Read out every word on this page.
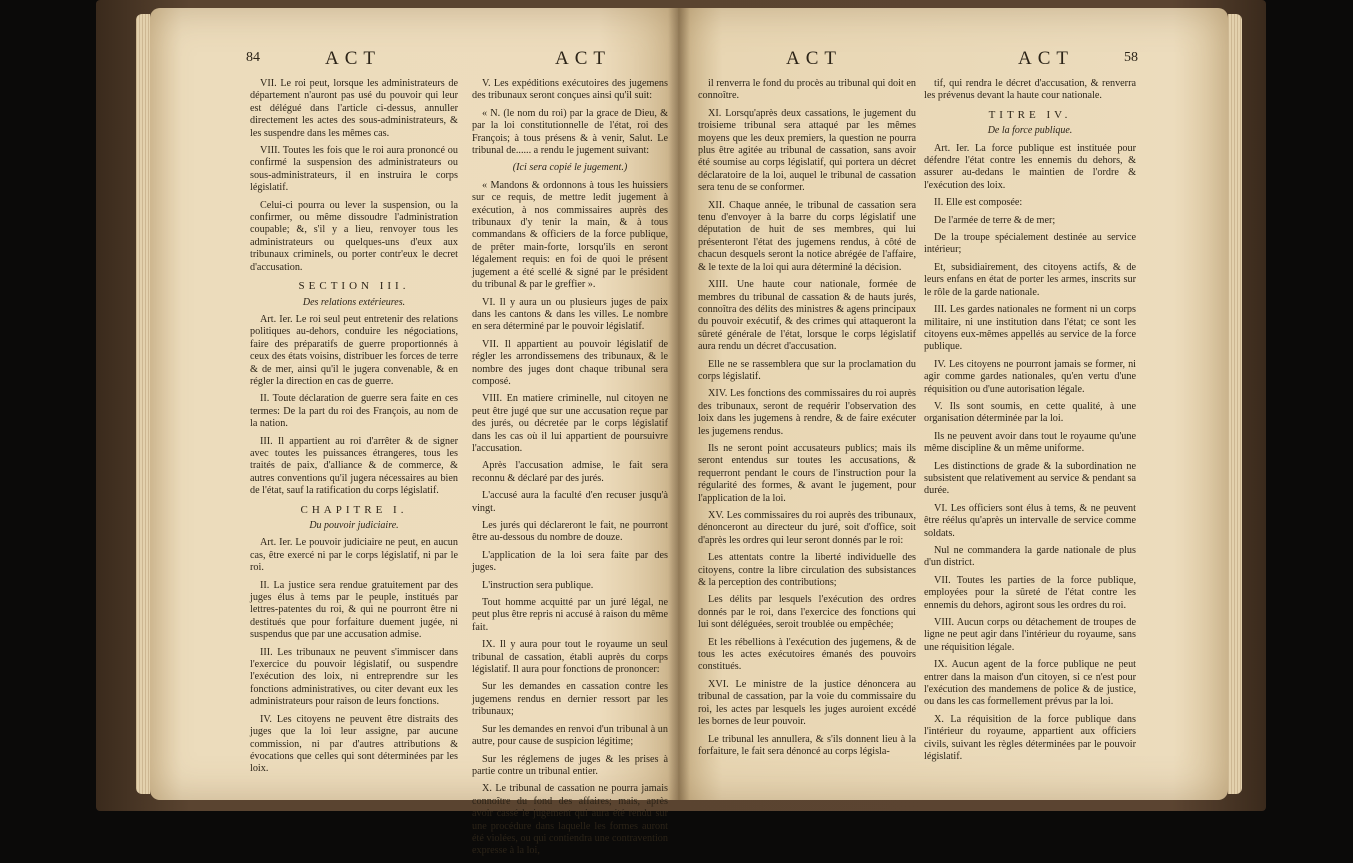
84	ACT	ACT

VII. Le roi peut, lorsque les administrateurs de département n'auront pas usé du pouvoir qui leur est délégué dans l'article ci-dessus, annuller directement les actes des sous-administrateurs, & les suspendre dans les mêmes cas.

VIII. Toutes les fois que le roi aura prononcé ou confirmé la suspension des administrateurs ou sous-administrateurs, il en instruira le corps législatif.

Celui-ci pourra ou lever la suspension, ou la confirmer, ou même dissoudre l'administration coupable; &, s'il y a lieu, renvoyer tous les administrateurs ou quelques-uns d'eux aux tribunaux criminels, ou porter contr'eux le decret d'accusation.

SECTION III.
Des relations extérieures.

Art. Ier. Le roi seul peut entretenir des relations politiques au-dehors, conduire les négociations, faire des préparatifs de guerre proportionnés à ceux des états voisins, distribuer les forces de terre & de mer, ainsi qu'il le jugera convenable, & en régler la direction en cas de guerre.

II. Toute déclaration de guerre sera faite en ces termes: De la part du roi des François, au nom de la nation.

III. Il appartient au roi d'arrêter & de signer avec toutes les puissances étrangeres, tous les traités de paix, d'alliance & de commerce, & autres conventions qu'il jugera nécessaires au bien de l'état, sauf la ratification du corps législatif.

CHAPITRE I.
Du pouvoir judiciaire.

Art. Ier. Le pouvoir judiciaire ne peut, en aucun cas, être exercé ni par le corps législatif, ni par le roi.

II. La justice sera rendue gratuitement par des juges élus à tems par le peuple, institués par lettres-patentes du roi, & qui ne pourront être ni destitués que pour forfaiture duement jugée, ni suspendus que par une accusation admise.

III. Les tribunaux ne peuvent s'immiscer dans l'exercice du pouvoir législatif, ou suspendre l'exécution des loix, ni entreprendre sur les fonctions administratives, ou citer devant eux les administrateurs pour raison de leurs fonctions.

IV. Les citoyens ne peuvent être distraits des juges que la loi leur assigne, par aucune commission, ni par d'autres attributions & évocations que celles qui sont déterminées par les loix.

V. Les expéditions exécutoires des jugemens des tribunaux seront conçues ainsi qu'il suit:

« N. (le nom du roi) par la grace de Dieu, & par la loi constitutionnelle de l'état, roi des François; à tous présens & à venir, Salut. Le tribunal de...... a rendu le jugement suivant:

(Ici sera copié le jugement.)

« Mandons & ordonnons à tous les huissiers sur ce requis, de mettre ledit jugement à exécution, à nos commissaires auprès des tribunaux d'y tenir la main, & à tous commandans & officiers de la force publique, de prêter main-forte, lorsqu'ils en seront légalement requis: en foi de quoi le présent jugement a été scellé & signé par le président du tribunal & par le greffier ».

VI. Il y aura un ou plusieurs juges de paix dans les cantons & dans les villes. Le nombre en sera déterminé par le pouvoir législatif.

VII. Il appartient au pouvoir législatif de régler les arrondissemens des tribunaux, & le nombre des juges dont chaque tribunal sera composé.

VIII. En matiere criminelle, nul citoyen ne peut être jugé que sur une accusation reçue par des jurés, ou décretée par le corps législatif dans les cas où il lui appartient de poursuivre l'accusation.

Après l'accusation admise, le fait sera reconnu & déclaré par des jurés.

L'accusé aura la faculté d'en recuser jusqu'à vingt.

Les jurés qui déclareront le fait, ne pourront être au-dessous du nombre de douze.

L'application de la loi sera faite par des juges.

L'instruction sera publique.

Tout homme acquitté par un juré légal, ne peut plus être repris ni accusé à raison du même fait.

IX. Il y aura pour tout le royaume un seul tribunal de cassation, établi auprès du corps législatif. Il aura pour fonctions de prononcer:

Sur les demandes en cassation contre les jugemens rendus en dernier ressort par les tribunaux;

Sur les demandes en renvoi d'un tribunal à un autre, pour cause de suspicion légitime;

Sur les réglemens de juges & les prises à partie contre un tribunal entier.

X. Le tribunal de cassation ne pourra jamais connoître du fond des affaires; mais, après avoir cassé le jugement qui aura été rendu sur une procédure dans laquelle les formes auront été violées, ou qui contiendra une contravention expresse à la loi,

ACT	ACT	58

il renverra le fond du procès au tribunal qui doit en connoître.

XI. Lorsqu'après deux cassations, le jugement du troisieme tribunal sera attaqué par les mêmes moyens que les deux premiers, la question ne pourra plus être agitée au tribunal de cassation, sans avoir été soumise au corps législatif, qui portera un décret déclaratoire de la loi, auquel le tribunal de cassation sera tenu de se conformer.

XII. Chaque année, le tribunal de cassation sera tenu d'envoyer à la barre du corps législatif une députation de huit de ses membres, qui lui présenteront l'état des jugemens rendus, à côté de chacun desquels seront la notice abrégée de l'affaire, & le texte de la loi qui aura déterminé la décision.

XIII. Une haute cour nationale, formée de membres du tribunal de cassation & de hauts jurés, connoîtra des délits des ministres & agens principaux du pouvoir exécutif, & des crimes qui attaqueront la sûreté générale de l'état, lorsque le corps législatif aura rendu un décret d'accusation.

Elle ne se rassemblera que sur la proclamation du corps législatif.

XIV. Les fonctions des commissaires du roi auprès des tribunaux, seront de requérir l'observation des loix dans les jugemens à rendre, & de faire exécuter les jugemens rendus.

Ils ne seront point accusateurs publics; mais ils seront entendus sur toutes les accusations, & requerront pendant le cours de l'instruction pour la régularité des formes, & avant le jugement, pour l'application de la loi.

XV. Les commissaires du roi auprès des tribunaux, dénonceront au directeur du juré, soit d'office, soit d'après les ordres qui leur seront donnés par le roi:

Les attentats contre la liberté individuelle des citoyens, contre la libre circulation des subsistances & la perception des contributions;

Les délits par lesquels l'exécution des ordres donnés par le roi, dans l'exercice des fonctions qui lui sont déléguées, seroit troublée ou empêchée;

Et les rébellions à l'exécution des jugemens, & de tous les actes exécutoires émanés des pouvoirs constitués.

XVI. Le ministre de la justice dénoncera au tribunal de cassation, par la voie du commissaire du roi, les actes par lesquels les juges auroient excédé les bornes de leur pouvoir.

Le tribunal les annullera, & s'ils donnent lieu à la forfaiture, le fait sera dénoncé au corps législa-

tif, qui rendra le décret d'accusation, & renverra les prévenus devant la haute cour nationale.

TITRE IV.
De la force publique.

Art. Ier. La force publique est instituée pour défendre l'état contre les ennemis du dehors, & assurer au-dedans le maintien de l'ordre & l'exécution des loix.

II. Elle est composée:

De l'armée de terre & de mer;

De la troupe spécialement destinée au service intérieur;

Et, subsidiairement, des citoyens actifs, & de leurs enfans en état de porter les armes, inscrits sur le rôle de la garde nationale.

III. Les gardes nationales ne forment ni un corps militaire, ni une institution dans l'état; ce sont les citoyens eux-mêmes appellés au service de la force publique.

IV. Les citoyens ne pourront jamais se former, ni agir comme gardes nationales, qu'en vertu d'une réquisition ou d'une autorisation légale.

V. Ils sont soumis, en cette qualité, à une organisation déterminée par la loi.

Ils ne peuvent avoir dans tout le royaume qu'une même discipline & un même uniforme.

Les distinctions de grade & la subordination ne subsistent que relativement au service & pendant sa durée.

VI. Les officiers sont élus à tems, & ne peuvent être réélus qu'après un intervalle de service comme soldats.

Nul ne commandera la garde nationale de plus d'un district.

VII. Toutes les parties de la force publique, employées pour la sûreté de l'état contre les ennemis du dehors, agiront sous les ordres du roi.

VIII. Aucun corps ou détachement de troupes de ligne ne peut agir dans l'intérieur du royaume, sans une réquisition légale.

IX. Aucun agent de la force publique ne peut entrer dans la maison d'un citoyen, si ce n'est pour l'exécution des mandemens de police & de justice, ou dans les cas formellement prévus par la loi.

X. La réquisition de la force publique dans l'intérieur du royaume, appartient aux officiers civils, suivant les règles déterminées par le pouvoir législatif.
